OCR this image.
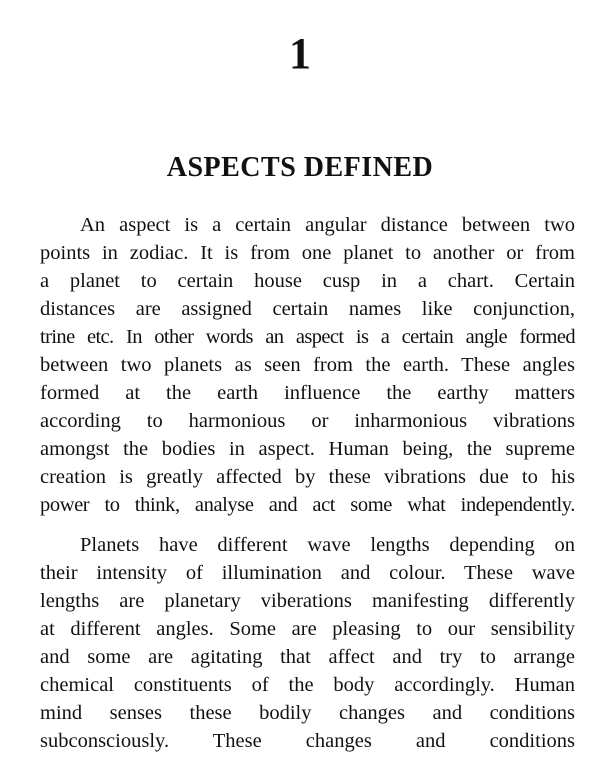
1
ASPECTS DEFINED

An aspect is a certain angular distance between two
points in zodiac. It is from one planet to another or from
a planet to certain house cusp in a chart. Certain
distances are assigned certain names like conjunction,
trine etc. In other words an aspect is a certain angle formed
between two planets as seen from the earth. These angles
formed at the earth influence the earthy matters
according to harmonious or inharmonious vibrations
amongst the bodies in aspect. Human being, the supreme
creation is greatly affected by these vibrations due to his
power to think, analyse and act some what independently.

Planets have different wave lengths depending on
their intensity of illumination and colour. These wave
lengths are planetary viberations manifesting differently
at different angles. Some are pleasing to our sensibility
and some are agitating that affect and try to arrange
chemical constituents of the body accordingly. Human
mind senses these bodily changes and conditions
subconsciously. These changes and conditions
